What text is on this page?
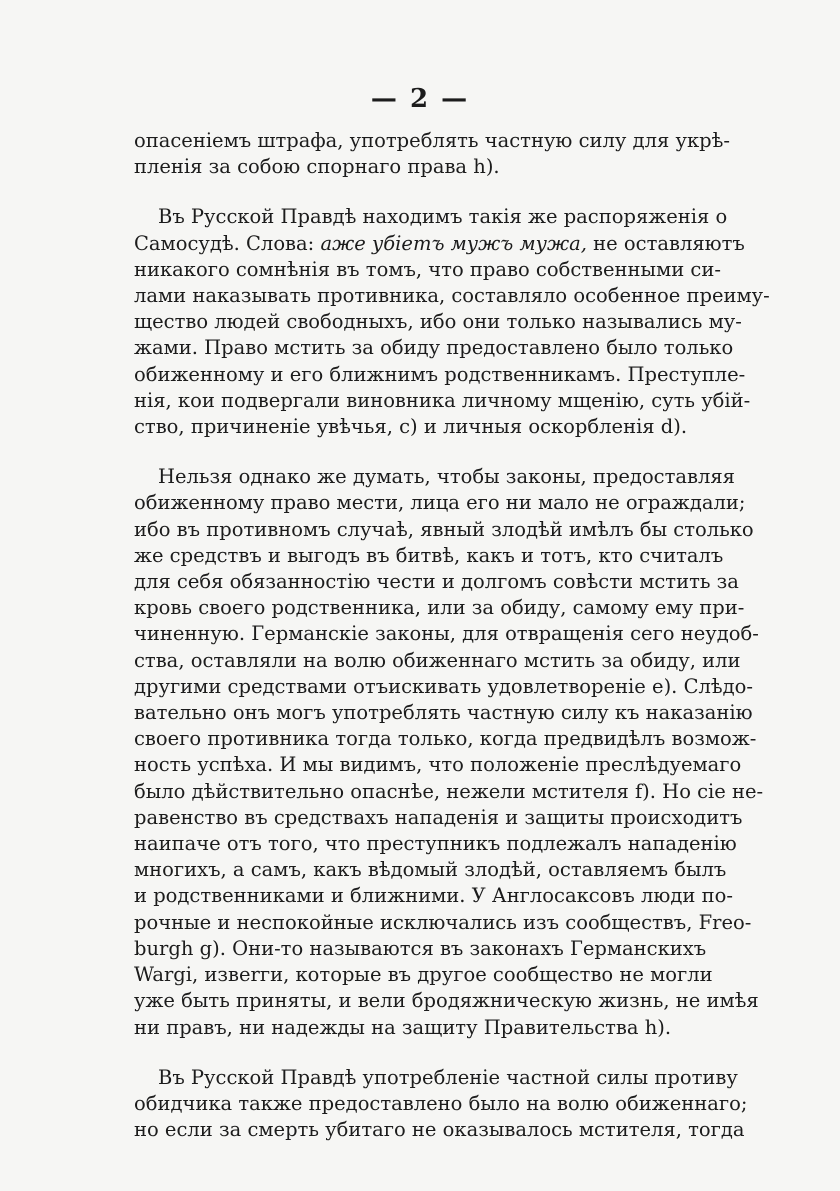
— 2 —
опасеніемъ штрафа, употреблять частную силу для укрѣ-
пленія за собою спорнаго права h).
Въ Русской Правдѣ находимъ такія же распоряженія о
Самосудѣ. Слова: аже убіетъ мужъ мужа, не оставляютъ
никакого сомнѣнія въ томъ, что право собственными си-
лами наказывать противника, составляло особенное преиму-
щество людей свободныхъ, ибо они только назывались му-
жами. Право мстить за обиду предоставлено было только
обиженному и его ближнимъ родственникамъ. Преступле-
нія, кои подвергали виновника личному мщенію, суть убій-
ство, причиненіе увѣчья, с) и личныя оскорбленія d).
Нельзя однако же думать, чтобы законы, предоставляя
обиженному право мести, лица его ни мало не ограждали;
ибо въ противномъ случаѣ, явный злодѣй имѣлъ бы столько
же средствъ и выгодъ въ битвѣ, какъ и тотъ, кто считалъ
для себя обязанностію чести и долгомъ совѣсти мстить за
кровь своего родственника, или за обиду, самому ему при-
чиненную. Германскіе законы, для отвращенія сего неудоб-
ства, оставляли на волю обиженнаго мстить за обиду, или
другими средствами отъискивать удовлетвореніе е). Слѣдо-
вательно онъ могъ употреблять частную силу къ наказанію
своего противника тогда только, когда предвидѣлъ возмож-
ность успѣха. И мы видимъ, что положеніе преслѣдуемаго
было дѣйствительно опаснѣе, нежели мстителя f). Но сіе не-
равенство въ средствахъ нападенія и защиты происходитъ
наипаче отъ того, что преступникъ подлежалъ нападенію
многихъ, а самъ, какъ вѣдомый злодѣй, оставляемъ былъ
и родственниками и ближними. У Англосаксовъ люди по-
рочные и неспокойные исключались изъ сообществъ, Freo-
burgh g). Они-то называются въ законахъ Германскихъ
Wargi, извerги, которые въ другое сообщество не могли
уже быть приняты, и вели бродяжническую жизнь, не имѣя
ни правъ, ни надежды на защиту Правительства h).
Въ Русской Правдѣ употребленіе частной силы противу
обидчика также предоставлено было на волю обиженнаго;
но если за смерть убитаго не оказывалось мстителя, тогда
